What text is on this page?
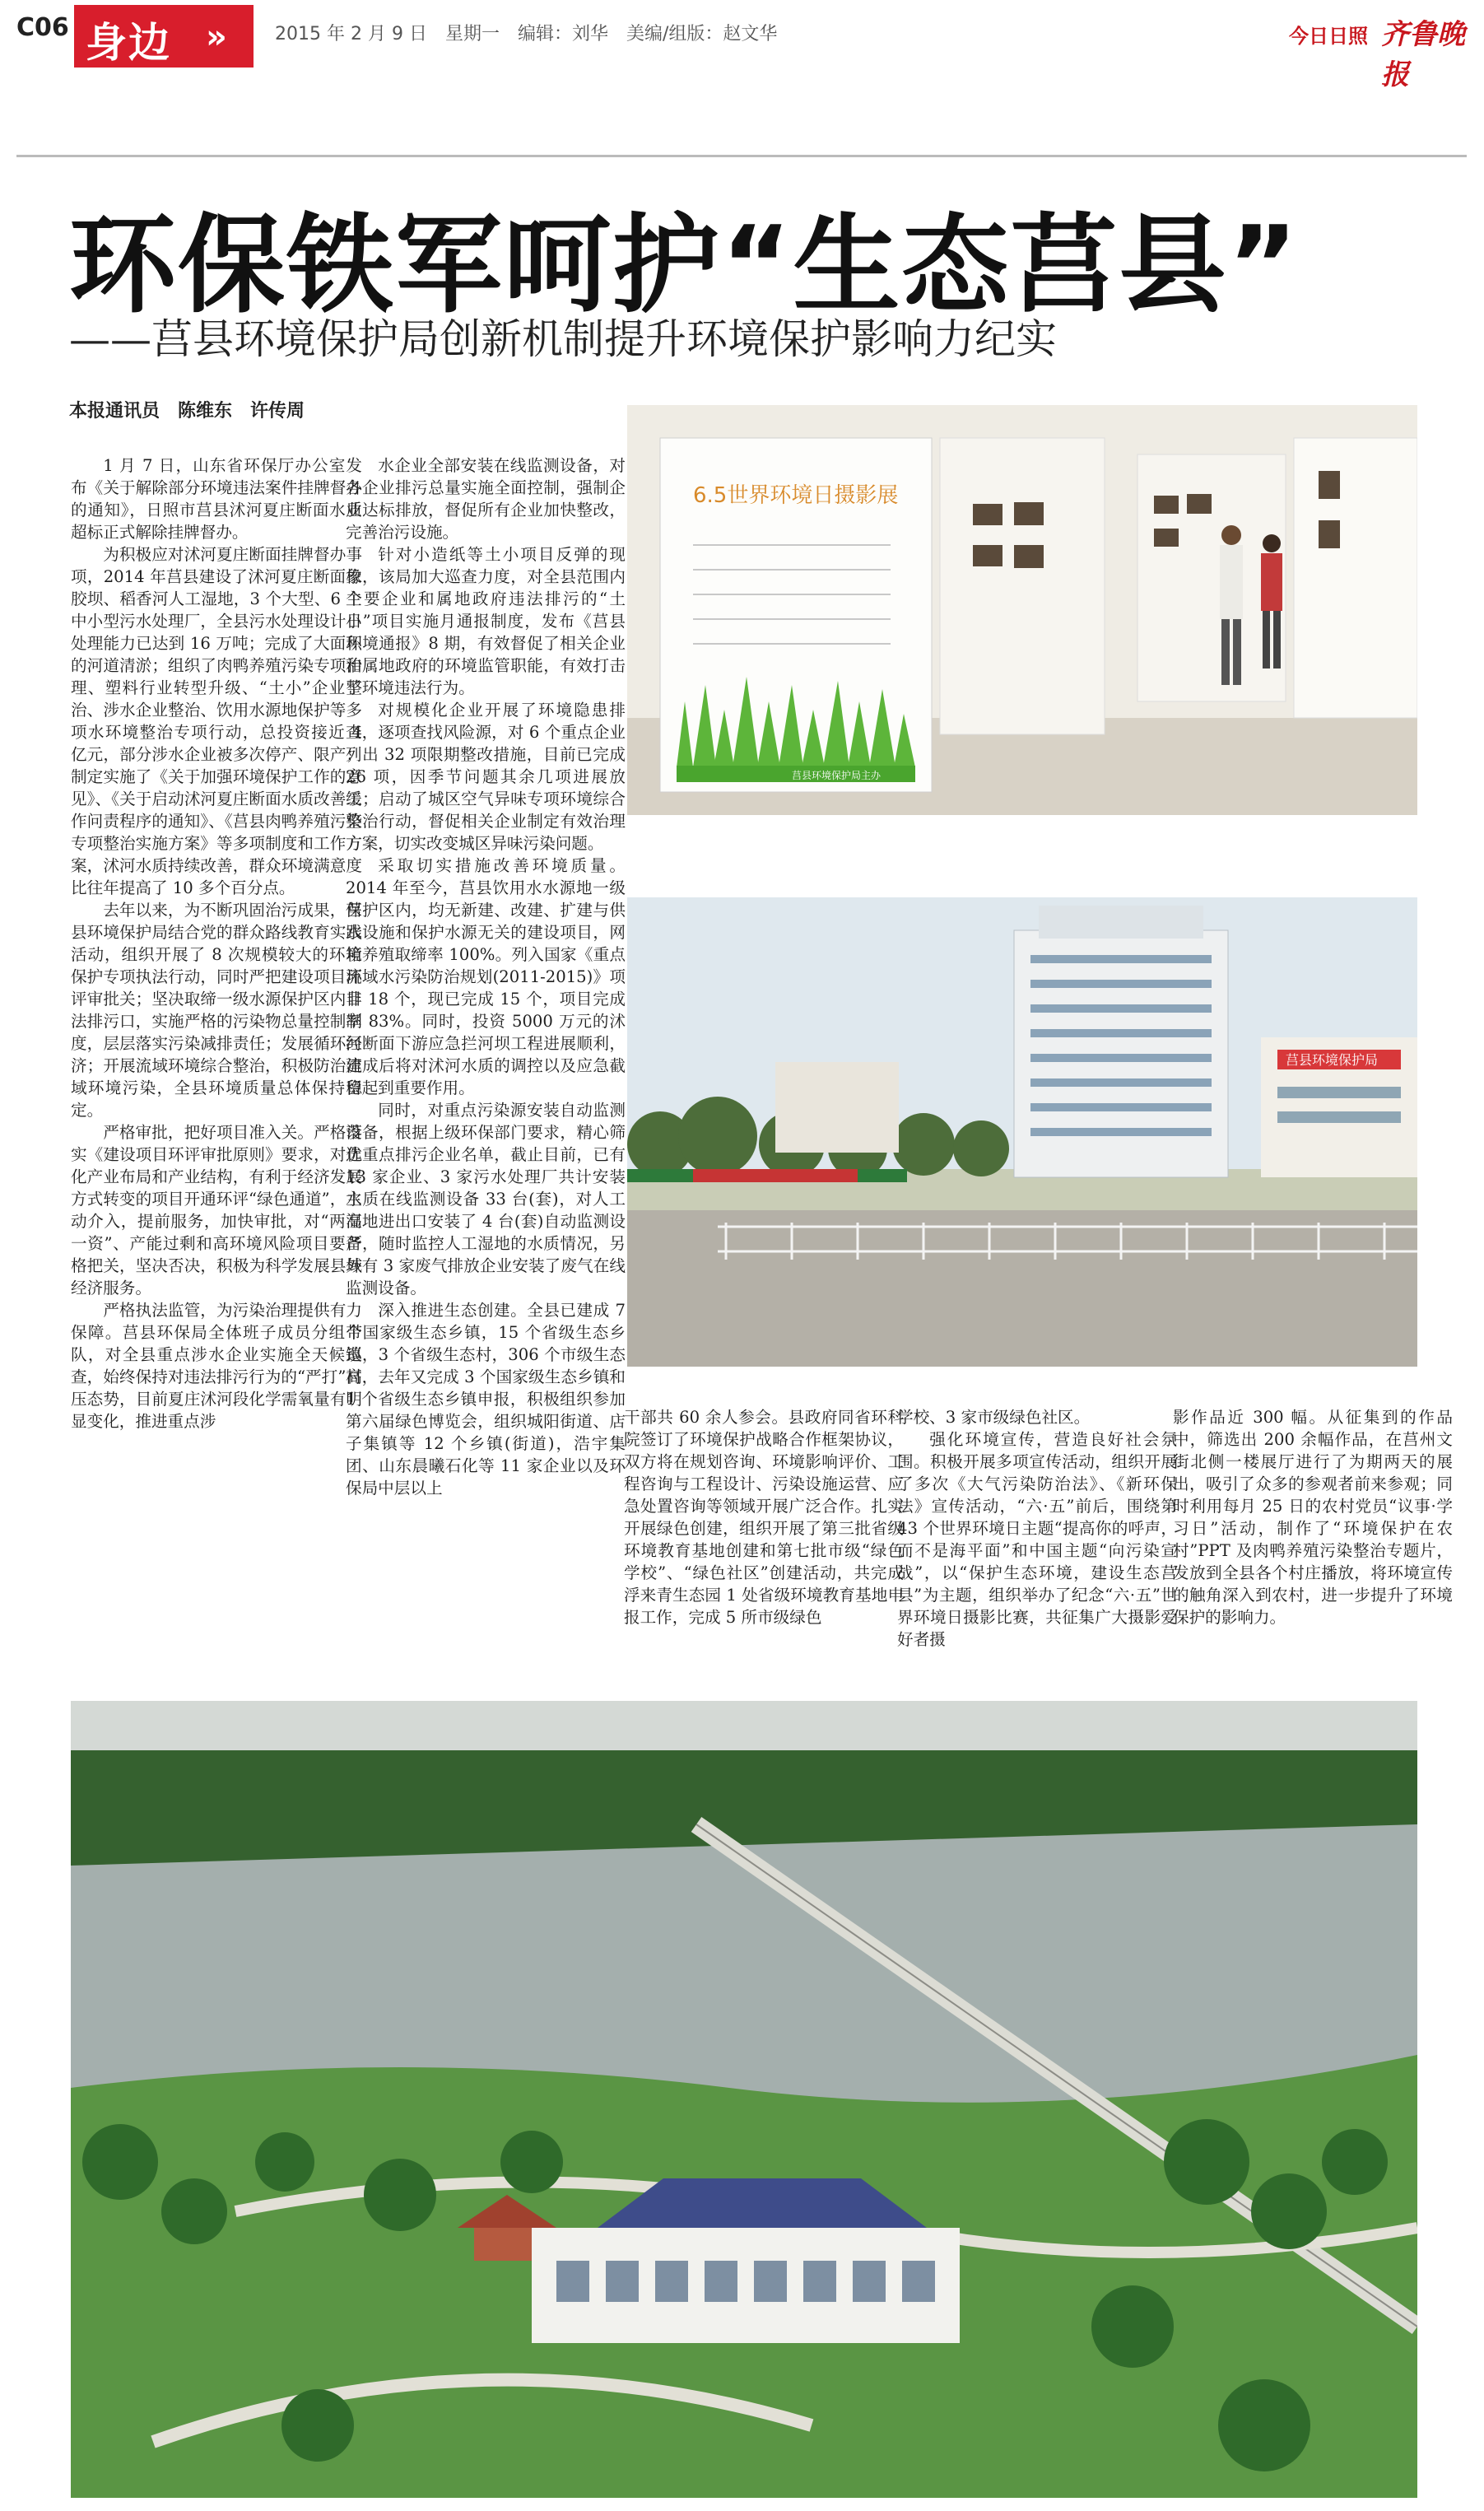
C06 身边 »	2015 年 2 月 9 日　星期一　编辑：刘华　美编/组版：赵文华	今日日照 齐鲁晚报
环保铁军呵护“生态莒县”
——莒县环境保护局创新机制提升环境保护影响力纪实
本报通讯员　陈维东　许传周

1 月 7 日，山东省环保厅办公室发布《关于解除部分环境违法案件挂牌督办的通知》，日照市莒县沭河夏庄断面水质超标正式解除挂牌督办。

为积极应对沭河夏庄断面挂牌督办事项，2014 年莒县建设了沭河夏庄断面橡胶坝、稻香河人工湿地，3 个大型、6 个中小型污水处理厂，全县污水处理设计日处理能力已达到 16 万吨；完成了大面积的河道清淤；组织了肉鸭养殖污染专项治理、塑料行业转型升级、“土小”企业整治、涉水企业整治、饮用水源地保护等多项水环境整治专项行动，总投资接近 4 亿元，部分涉水企业被多次停产、限产；制定实施了《关于加强环境保护工作的意见》、《关于启动沭河夏庄断面水质改善工作问责程序的通知》、《莒县肉鸭养殖污染专项整治实施方案》等多项制度和工作方案，沭河水质持续改善，群众环境满意度比往年提高了 10 多个百分点。

去年以来，为不断巩固治污成果，莒县环境保护局结合党的群众路线教育实践活动，组织开展了 8 次规模较大的环境保护专项执法行动，同时严把建设项目环评审批关；坚决取缔一级水源保护区内非法排污口，实施严格的污染物总量控制制度，层层落实污染减排责任；发展循环经济；开展流域环境综合整治，积极防治流域环境污染，全县环境质量总体保持稳定。

严格审批，把好项目准入关。严格落实《建设项目环评审批原则》要求，对优化产业布局和产业结构，有利于经济发展方式转变的项目开通环评“绿色通道”，主动介入，提前服务，加快审批，对“两高一资”、产能过剩和高环境风险项目要严格把关，坚决否决，积极为科学发展县域经济服务。

严格执法监管，为污染治理提供有力保障。莒县环保局全体班子成员分组带队，对全县重点涉水企业实施全天候巡查，始终保持对违法排污行为的“严打”高压态势，目前夏庄沭河段化学需氧量有明显变化，推进重点涉

水企业全部安装在线监测设备，对各企业排污总量实施全面控制，强制企业达标排放，督促所有企业加快整改，完善治污设施。

针对小造纸等土小项目反弹的现象，该局加大巡查力度，对全县范围内主要企业和属地政府违法排污的“土小”项目实施月通报制度，发布《莒县环境通报》8 期，有效督促了相关企业和属地政府的环境监管职能，有效打击了环境违法行为。

对规模化企业开展了环境隐患排查，逐项查找风险源，对 6 个重点企业列出 32 项限期整改措施，目前已完成 26 项，因季节问题其余几项进展放缓；启动了城区空气异味专项环境综合整治行动，督促相关企业制定有效治理方案，切实改变城区异味污染问题。

采取切实措施改善环境质量。2014 年至今，莒县饮用水水源地一级保护区内，均无新建、改建、扩建与供水设施和保护水源无关的建设项目，网箱养殖取缔率 100%。列入国家《重点流域水污染防治规划(2011-2015)》项目 18 个，现已完成 15 个，项目完成率 83%。同时，投资 5000 万元的沭河断面下游应急拦河坝工程进展顺利，建成后将对沭河水质的调控以及应急截留起到重要作用。

同时，对重点污染源安装自动监测设备，根据上级环保部门要求，精心筛选重点排污企业名单，截止目前，已有 13 家企业、3 家污水处理厂共计安装水质在线监测设备 33 台(套)，对人工湿地进出口安装了 4 台(套)自动监测设备，随时监控人工湿地的水质情况，另外有 3 家废气排放企业安装了废气在线监测设备。

深入推进生态创建。全县已建成 7 个国家级生态乡镇，15 个省级生态乡镇，3 个省级生态村，306 个市级生态村，去年又完成 3 个国家级生态乡镇和 1 个省级生态乡镇申报，积极组织参加第六届绿色博览会，组织城阳街道、店子集镇等 12 个乡镇(街道)，浩宇集团、山东晨曦石化等 11 家企业以及环保局中层以上

干部共 60 余人参会。县政府同省环科院签订了环境保护战略合作框架协议，双方将在规划咨询、环境影响评价、工程咨询与工程设计、污染设施运营、应急处置咨询等领域开展广泛合作。扎实开展绿色创建，组织开展了第三批省级环境教育基地创建和第七批市级“绿色学校”、“绿色社区”创建活动，共完成浮来青生态园 1 处省级环境教育基地申报工作，完成 5 所市级绿色

学校、3 家市级绿色社区。

强化环境宣传，营造良好社会氛围。积极开展多项宣传活动，组织开展了多次《大气污染防治法》、《新环保法》宣传活动，“六·五”前后，围绕第 43 个世界环境日主题“提高你的呼声，而不是海平面”和中国主题“向污染宣战”，以“保护生态环境，建设生态莒县”为主题，组织举办了纪念“六·五”世界环境日摄影比赛，共征集广大摄影爱好者摄

影作品近 300 幅。从征集到的作品中，筛选出 200 余幅作品，在莒州文街北侧一楼展厅进行了为期两天的展出，吸引了众多的参观者前来参观；同时利用每月 25 日的农村党员“议事·学习日”活动，制作了“环境保护在农村”PPT 及肉鸭养殖污染整治专题片，发放到全县各个村庄播放，将环境宣传的触角深入到农村，进一步提升了环境保护的影响力。

6.5世界环境日摄影展
莒县环境保护局主办
莒县环境保护局
